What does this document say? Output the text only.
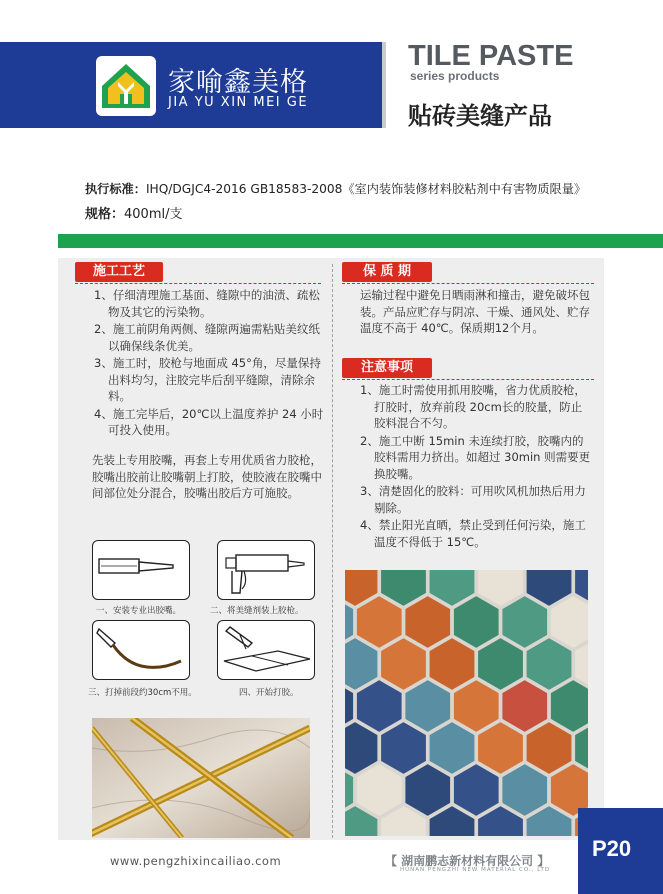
家喻鑫美格
JIA YU XIN MEI GE
TILE PASTE
series products
贴砖美缝产品
执行标准：IHQ/DGJC4-2016 GB18583-2008《室内装饰装修材料胶粘剂中有害物质限量》
规格：400ml/支
施工工艺
1、仔细清理施工基面、缝隙中的油渍、疏松物及其它的污染物。
2、施工前阴角两侧、缝隙两遍需粘贴美纹纸以确保线条优美。
3、施工时，胶枪与地面成 45°角，尽量保持出料均匀，注胶完毕后刮平缝隙，清除余料。
4、施工完毕后，20℃以上温度养护 24 小时可投入使用。
先装上专用胶嘴，再套上专用优质省力胶枪，胶嘴出胶前让胶嘴朝上打胶，使胶液在胶嘴中间部位处分混合，胶嘴出胶后方可施胶。
一、安装专业出胶嘴。	二、将美缝剂装上胶枪。
三、打掉前段约30cm不用。	四、开始打胶。
保 质 期
运输过程中避免日晒雨淋和撞击，避免破坏包装。产品应贮存与阴凉、干燥、通风处、贮存温度不高于 40℃。保质期12个月。
注意事项
1、施工时需使用抓用胶嘴，省力优质胶枪，打胶时，放弃前段 20cm长的胶量，防止胶料混合不匀。
2、施工中断 15min 未连续打胶，胶嘴内的胶料需用力挤出。如超过 30min 则需要更换胶嘴。
3、清楚固化的胶料：可用吹风机加热后用力剔除。
4、禁止阳光直晒，禁止受到任何污染，施工温度不得低于 15℃。
www.pengzhixincailiao.com	【 湖南鹏志新材料有限公司 】
HUNAN PENGZHI NEW MATERIAL CO., LTD
P20
